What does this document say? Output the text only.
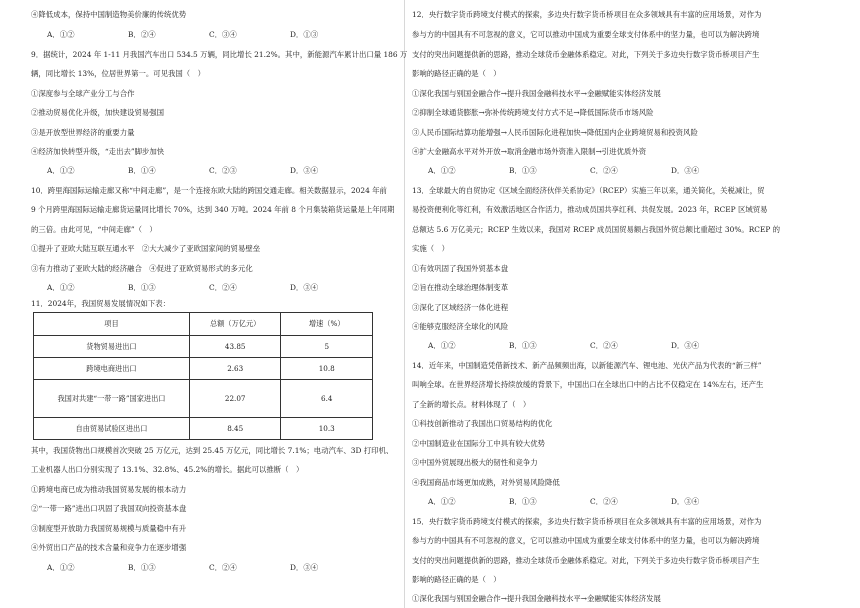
④降低成本，保持中国制造物美价廉的传统优势
A．①②	B．②④	C．③④	D．①③
9．据统计，2024 年 1-11 月我国汽车出口 534.5 万辆，同比增长 21.2%。其中，新能源汽车累计出口量 186 万
辆，同比增长 13%，位居世界第一。可见我国（　）
①深度参与全球产业分工与合作
②推动贸易优化升级，加快建设贸易强国
③是开放型世界经济的重要力量
④经济加快转型升级，“走出去”脚步加快
A．①②	B．①④	C．②③	D．③④
10．跨里海国际运输走廊又称“中间走廊”，是一个连接东欧大陆的跨国交通走廊。相关数据显示，2024 年前
9 个月跨里海国际运输走廊货运量同比增长 70%，达到 340 万吨。2024 年前 8 个月集装箱货运量是上年同期
的三倍。由此可见，“中间走廊”（　）
①提升了亚欧大陆互联互通水平　②大大减少了亚欧国家间的贸易壁垒
③有力推动了亚欧大陆的经济融合　④促进了亚欧贸易形式的多元化
A．①②	B．①③	C．②④	D．③④
11．2024年，我国贸易发展情况如下表：
项目	总额（万亿元）	增速（%）
货物贸易进出口	43.85	5
跨境电商进出口	2.63	10.8
我国对共建“一带一路”国家进出口	22.07	6.4
自由贸易试验区进出口	8.45	10.3
其中，我国货物出口规模首次突破 25 万亿元，达到 25.45 万亿元，同比增长 7.1%；电动汽车、3D 打印机、
工业机器人出口分别实现了 13.1%、32.8%、45.2%的增长。据此可以推断（　）
①跨境电商已成为推动我国贸易发展的根本动力
②“一带一路”进出口巩固了我国双向投资基本盘
③制度型开放助力我国贸易规模与质量稳中有升
④外贸出口产品的技术含量和竞争力在逐步增强
A．①②	B．①③	C．②④	D．③④
12．央行数字货币跨境支付模式的探索，多边央行数字货币桥项目在众多领域具有丰富的应用场景，对作为
参与方的中国具有不可忽视的意义，它可以推动中国成为重要全球支付体系中的坚力量，也可以为解决跨境
支付的突出问题提供新的思路，推动全球货币金融体系稳定。对此，下列关于多边央行数字货币桥项目产生
影响的路径正确的是（　）
①深化我国与别国金融合作→提升我国金融科技水平→金融赋能实体经济发展
②抑制全球通货膨胀→弥补传统跨境支付方式不足→降低国际货币市场风险
③人民币国际结算功能增强→人民币国际化进程加快→降低国内企业跨境贸易和投资风险
④扩大金融高水平对外开放→取消金融市场外资准入限制→引进优质外资
A．①②	B．①③	C．②④	D．③④
13．全球最大的自贸协定《区域全面经济伙伴关系协定》（RCEP）实施三年以来，通关简化，关税减让，贸
易投资便利化等红利，有效激活地区合作活力，推动成员国共享红利、共促发展。2023 年，RCEP 区域贸易
总额达 5.6 万亿美元；RCEP 生效以来，我国对 RCEP 成员国贸易额占我国外贸总额比重超过 30%。RCEP 的
实施（　）
①有效巩固了我国外贸基本盘
②旨在推动全球治理体制变革
③深化了区域经济一体化进程
④能够克服经济全球化的风险
A．①②	B．①③	C．②④	D．③④
14．近年来，中国制造凭借新技术、新产品频频出海，以新能源汽车、锂电池、光伏产品为代表的“新三样”
叫响全球。在世界经济增长持续放缓的背景下，中国出口在全球出口中的占比不仅稳定在 14%左右，还产生
了全新的增长点。材料体现了（　）
①科技创新推动了我国出口贸易结构的优化
②中国制造业在国际分工中具有较大优势
③中国外贸展现出极大的韧性和竞争力
④我国商品市场更加成熟，对外贸易风险降低
A．①②	B．①③	C．②④	D．③④
15．央行数字货币跨境支付模式的探索，多边央行数字货币桥项目在众多领域具有丰富的应用场景，对作为
参与方的中国具有不可忽视的意义，它可以推动中国成为重要全球支付体系中的坚力量，也可以为解决跨境
支付的突出问题提供新的思路，推动全球货币金融体系稳定。对此，下列关于多边央行数字货币桥项目产生
影响的路径正确的是（　）
①深化我国与别国金融合作→提升我国金融科技水平→金融赋能实体经济发展
